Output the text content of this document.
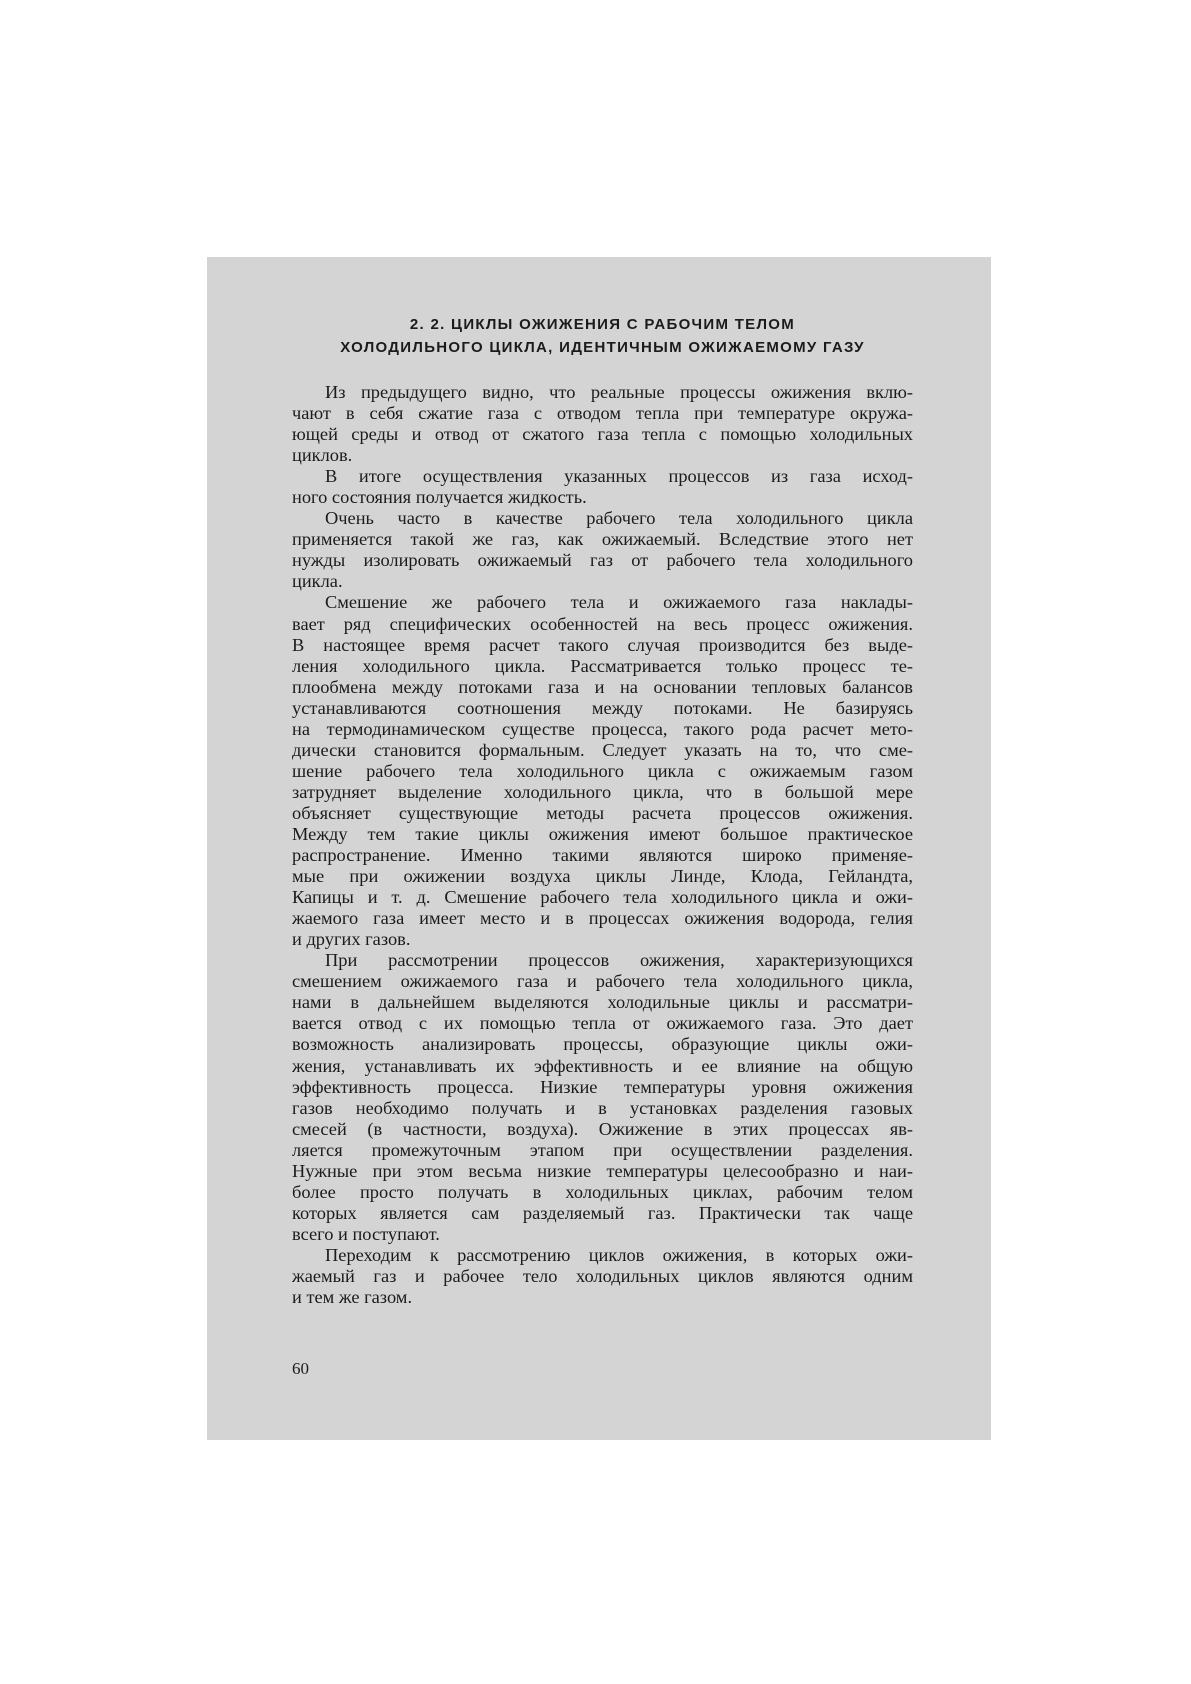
2. 2. ЦИКЛЫ ОЖИЖЕНИЯ С РАБОЧИМ ТЕЛОМ
ХОЛОДИЛЬНОГО ЦИКЛА, ИДЕНТИЧНЫМ ОЖИЖАЕМОМУ ГАЗУ
Из предыдущего видно, что реальные процессы ожижения вклю-
чают в себя сжатие газа с отводом тепла при температуре окружа-
ющей среды и отвод от сжатого газа тепла с помощью холодильных
циклов.
В итоге осуществления указанных процессов из газа исход-
ного состояния получается жидкость.
Очень часто в качестве рабочего тела холодильного цикла
применяется такой же газ, как ожижаемый. Вследствие этого нет
нужды изолировать ожижаемый газ от рабочего тела холодильного
цикла.
Смешение же рабочего тела и ожижаемого газа наклады-
вает ряд специфических особенностей на весь процесс ожижения.
В настоящее время расчет такого случая производится без выде-
ления холодильного цикла. Рассматривается только процесс те-
плообмена между потоками газа и на основании тепловых балансов
устанавливаются соотношения между потоками. Не базируясь
на термодинамическом существе процесса, такого рода расчет мето-
дически становится формальным. Следует указать на то, что сме-
шение рабочего тела холодильного цикла с ожижаемым газом
затрудняет выделение холодильного цикла, что в большой мере
объясняет существующие методы расчета процессов ожижения.
Между тем такие циклы ожижения имеют большое практическое
распространение. Именно такими являются широко применяе-
мые при ожижении воздуха циклы Линде, Клода, Гейландта,
Капицы и т. д. Смешение рабочего тела холодильного цикла и ожи-
жаемого газа имеет место и в процессах ожижения водорода, гелия
и других газов.
При рассмотрении процессов ожижения, характеризующихся
смешением ожижаемого газа и рабочего тела холодильного цикла,
нами в дальнейшем выделяются холодильные циклы и рассматри-
вается отвод с их помощью тепла от ожижаемого газа. Это дает
возможность анализировать процессы, образующие циклы ожи-
жения, устанавливать их эффективность и ее влияние на общую
эффективность процесса. Низкие температуры уровня ожижения
газов необходимо получать и в установках разделения газовых
смесей (в частности, воздуха). Ожижение в этих процессах яв-
ляется промежуточным этапом при осуществлении разделения.
Нужные при этом весьма низкие температуры целесообразно и наи-
более просто получать в холодильных циклах, рабочим телом
которых является сам разделяемый газ. Практически так чаще
всего и поступают.
Переходим к рассмотрению циклов ожижения, в которых ожи-
жаемый газ и рабочее тело холодильных циклов являются одним
и тем же газом.
60
